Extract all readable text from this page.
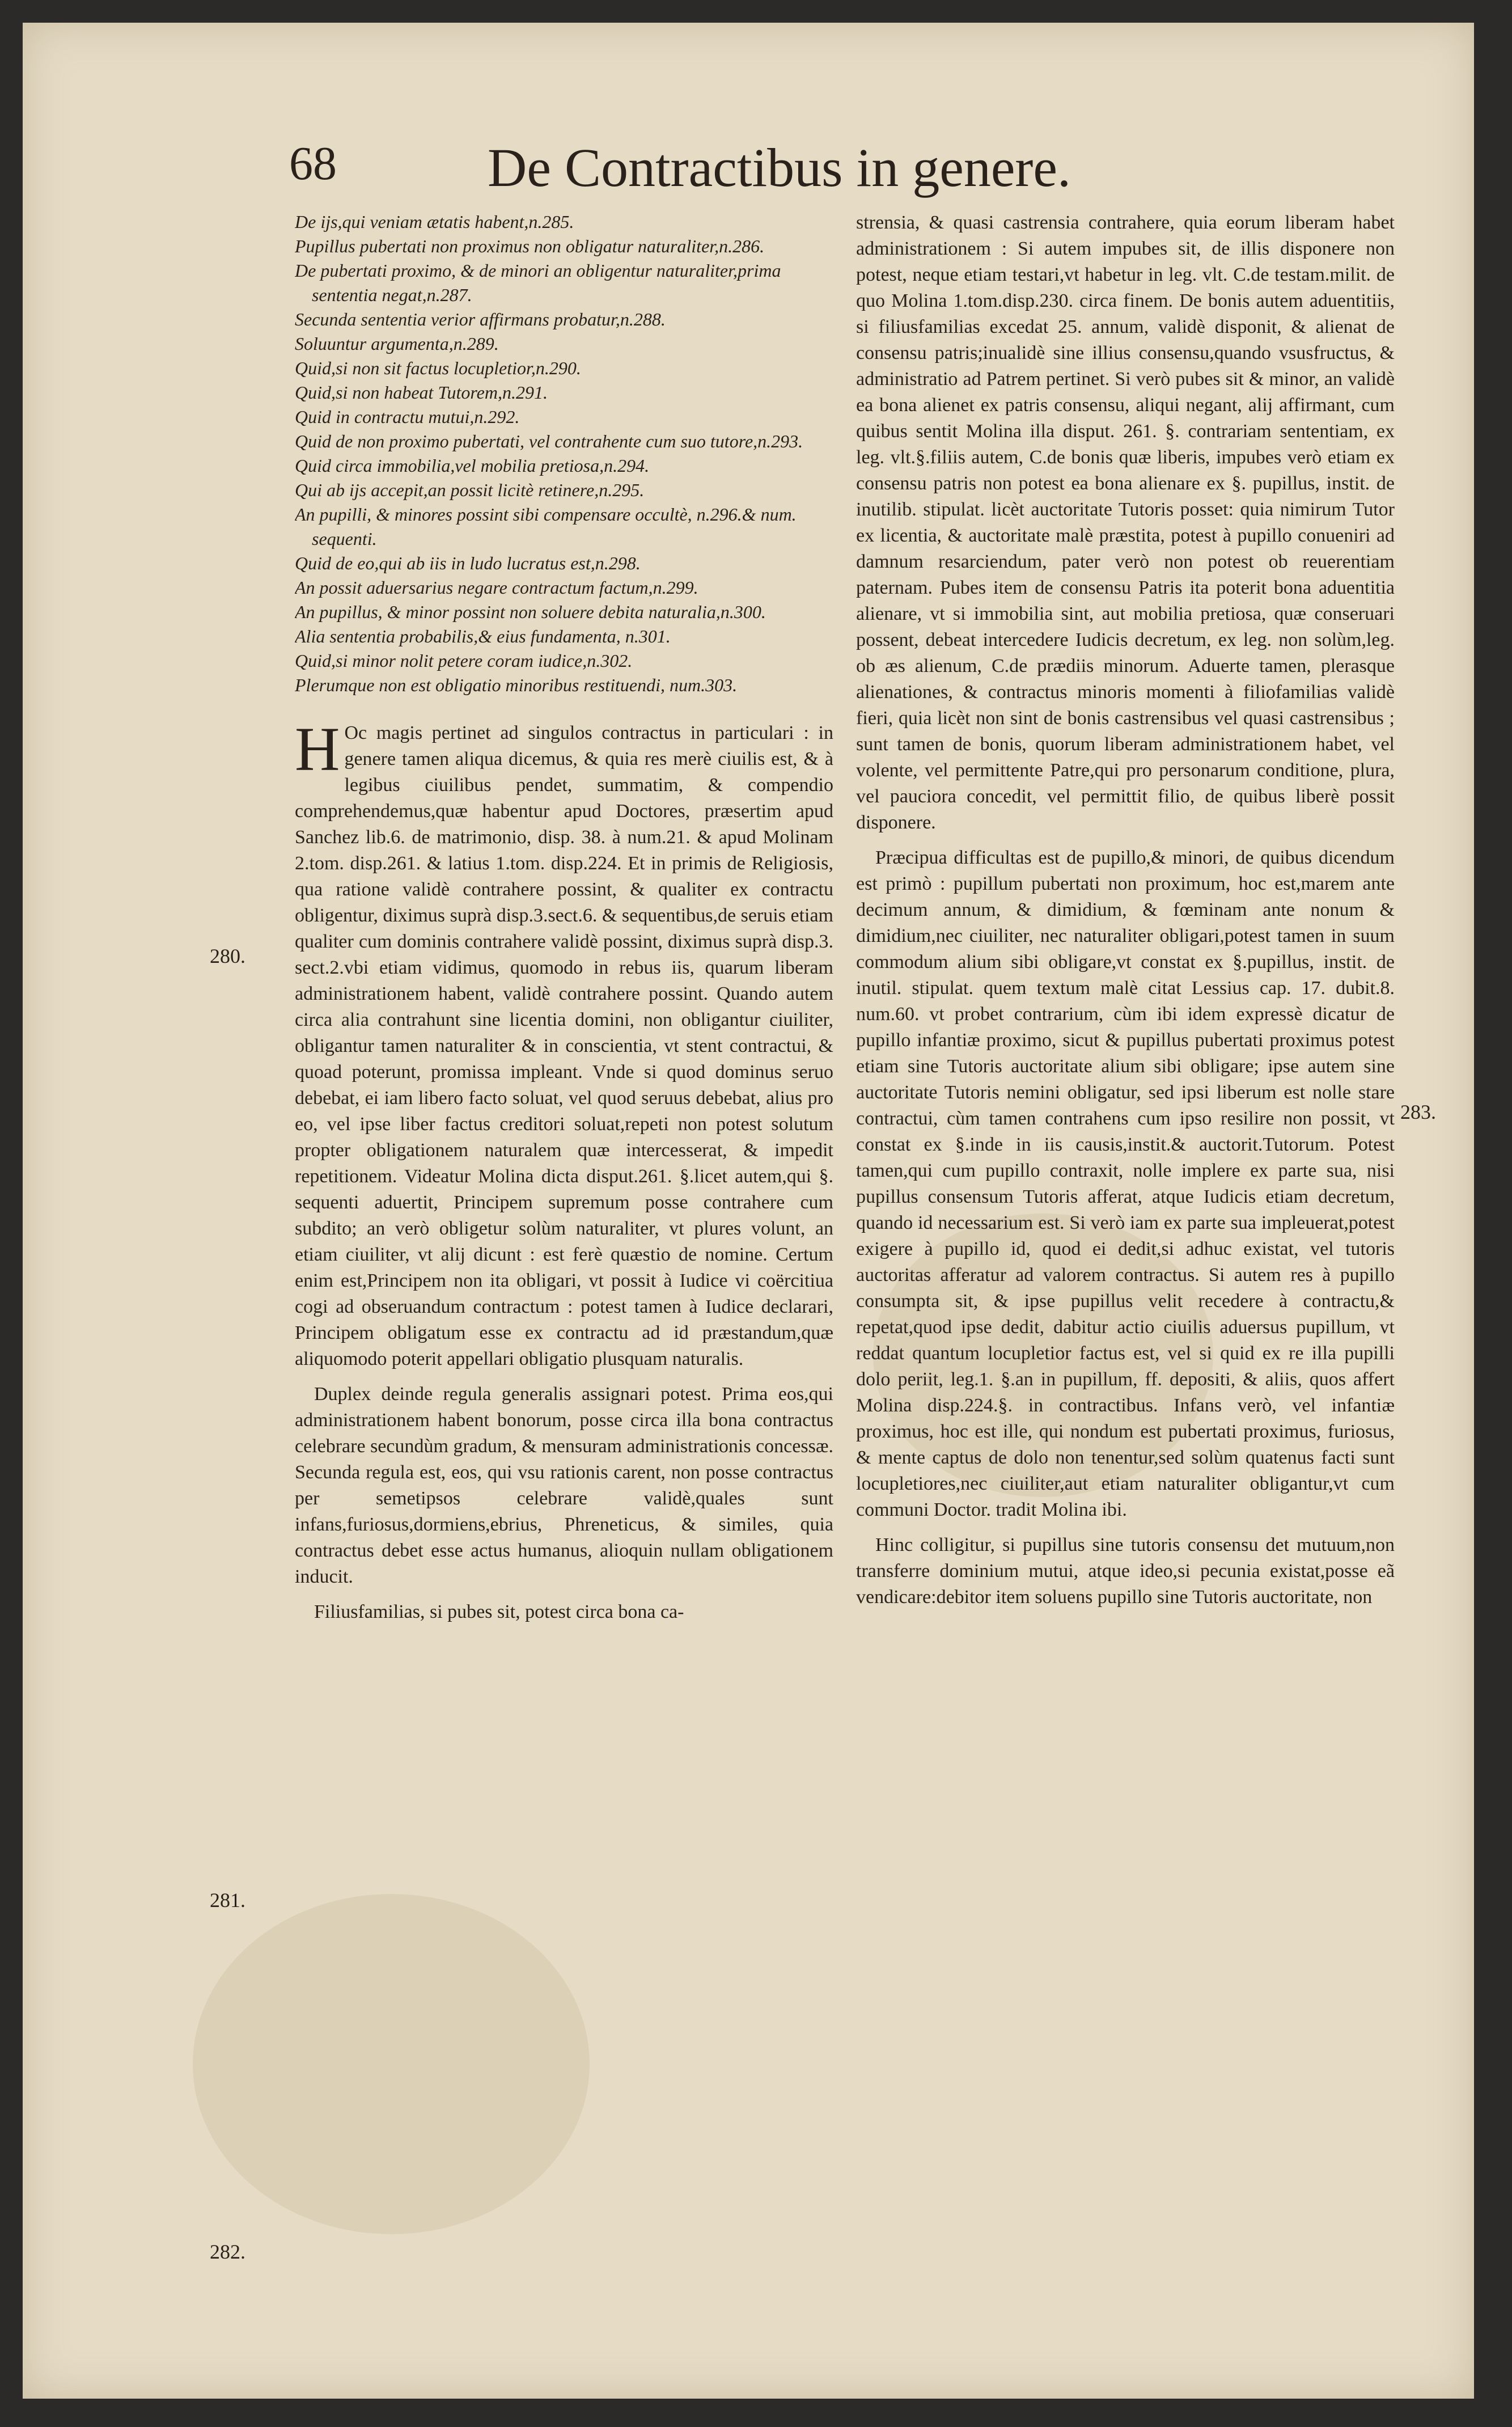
68	De Contractibus in genere.
De ijs,qui veniam ætatis habent,n.285.
Pupillus pubertati non proximus non obligatur naturaliter,n.286.
De pubertati proximo, & de minori an obligentur naturaliter,prima sententia negat,n.287.
Secunda sententia verior affirmans probatur,n.288.
Soluuntur argumenta,n.289.
Quid,si non sit factus locupletior,n.290.
Quid,si non habeat Tutorem,n.291.
Quid in contractu mutui,n.292.
Quid de non proximo pubertati, vel contrahente cum suo tutore,n.293.
Quid circa immobilia,vel mobilia pretiosa,n.294.
Qui ab ijs accepit,an possit licitè retinere,n.295.
An pupilli, & minores possint sibi compensare occultè, n.296.& num. sequenti.
Quid de eo,qui ab iis in ludo lucratus est,n.298.
An possit aduersarius negare contractum factum,n.299.
An pupillus, & minor possint non soluere debita naturalia,n.300.
Alia sententia probabilis,& eius fundamenta, n.301.
Quid,si minor nolit petere coram iudice,n.302.
Plerumque non est obligatio minoribus restituendi, num.303.

H Oc magis pertinet ad singulos contractus in particulari : in genere tamen aliqua dicemus, & quia res merè ciuilis est, & à legibus ciuilibus pendet, summatim, & compendio comprehendemus,quæ habentur apud Doctores, præsertim apud Sanchez lib.6. de matrimonio, disp. 38. à num.21. & apud Molinam 2.tom. disp.261. & latius 1.tom. disp.224. Et in primis de Religiosis, qua ratione validè contrahere possint, & qualiter ex contractu obligentur, diximus suprà disp.3.sect.6. & sequentibus,de seruis etiam qualiter cum dominis contrahere validè possint, diximus suprà disp.3. sect.2.vbi etiam vidimus, quomodo in rebus iis, quarum liberam administrationem habent, validè contrahere possint. Quando autem circa alia contrahunt sine licentia domini, non obligantur ciuiliter, obligantur tamen naturaliter & in conscientia, vt stent contractui, & quoad poterunt, promissa impleant. Vnde si quod dominus seruo debebat, ei iam libero facto soluat, vel quod seruus debebat, alius pro eo, vel ipse liber factus creditori soluat,repeti non potest solutum propter obligationem naturalem quæ intercesserat, & impedit repetitionem. Videatur Molina dicta disput.261. §.licet autem,qui §. sequenti aduertit, Principem supremum posse contrahere cum subdito; an verò obligetur solùm naturaliter, vt plures volunt, an etiam ciuiliter, vt alij dicunt : est ferè quæstio de nomine. Certum enim est,Principem non ita obligari, vt possit à Iudice vi coërcitiua cogi ad obseruandum contractum : potest tamen à Iudice declarari, Principem obligatum esse ex contractu ad id præstandum,quæ aliquomodo poterit appellari obligatio plusquam naturalis.

Duplex deinde regula generalis assignari potest. Prima eos,qui administrationem habent bonorum, posse circa illa bona contractus celebrare secundùm gradum, & mensuram administrationis concessæ. Secunda regula est, eos, qui vsu rationis carent, non posse contractus per semetipsos celebrare validè,quales sunt infans,furiosus,dormiens,ebrius, Phreneticus, & similes, quia contractus debet esse actus humanus, alioquin nullam obligationem inducit.

Filiusfamilias, si pubes sit, potest circa bona ca-

strensia, & quasi castrensia contrahere, quia eorum liberam habet administrationem : Si autem impubes sit, de illis disponere non potest, neque etiam testari,vt habetur in leg. vlt. C.de testam.milit. de quo Molina 1.tom.disp.230. circa finem. De bonis autem aduentitiis, si filiusfamilias excedat 25. annum, validè disponit, & alienat de consensu patris;inualidè sine illius consensu,quando vsusfructus, & administratio ad Patrem pertinet. Si verò pubes sit & minor, an validè ea bona alienet ex patris consensu, aliqui negant, alij affirmant, cum quibus sentit Molina illa disput. 261. §. contrariam sententiam, ex leg. vlt.§.filiis autem, C.de bonis quæ liberis, impubes verò etiam ex consensu patris non potest ea bona alienare ex §. pupillus, instit. de inutilib. stipulat. licèt auctoritate Tutoris posset: quia nimirum Tutor ex licentia, & auctoritate malè præstita, potest à pupillo conueniri ad damnum resarciendum, pater verò non potest ob reuerentiam paternam. Pubes item de consensu Patris ita poterit bona aduentitia alienare, vt si immobilia sint, aut mobilia pretiosa, quæ conseruari possent, debeat intercedere Iudicis decretum, ex leg. non solùm,leg. ob æs alienum, C.de prædiis minorum. Aduerte tamen, plerasque alienationes, & contractus minoris momenti à filiofamilias validè fieri, quia licèt non sint de bonis castrensibus vel quasi castrensibus ; sunt tamen de bonis, quorum liberam administrationem habet, vel volente, vel permittente Patre,qui pro personarum conditione, plura, vel pauciora concedit, vel permittit filio, de quibus liberè possit disponere.

Præcipua difficultas est de pupillo,& minori, de quibus dicendum est primò : pupillum pubertati non proximum, hoc est,marem ante decimum annum, & dimidium, & fœminam ante nonum & dimidium,nec ciuiliter, nec naturaliter obligari,potest tamen in suum commodum alium sibi obligare,vt constat ex §.pupillus, instit. de inutil. stipulat. quem textum malè citat Lessius cap. 17. dubit.8. num.60. vt probet contrarium, cùm ibi idem expressè dicatur de pupillo infantiæ proximo, sicut & pupillus pubertati proximus potest etiam sine Tutoris auctoritate alium sibi obligare; ipse autem sine auctoritate Tutoris nemini obligatur, sed ipsi liberum est nolle stare contractui, cùm tamen contrahens cum ipso resilire non possit, vt constat ex §.inde in iis causis,instit.& auctorit.Tutorum. Potest tamen,qui cum pupillo contraxit, nolle implere ex parte sua, nisi pupillus consensum Tutoris afferat, atque Iudicis etiam decretum, quando id necessarium est. Si verò iam ex parte sua impleuerat,potest exigere à pupillo id, quod ei dedit,si adhuc existat, vel tutoris auctoritas afferatur ad valorem contractus. Si autem res à pupillo consumpta sit, & ipse pupillus velit recedere à contractu,& repetat,quod ipse dedit, dabitur actio ciuilis aduersus pupillum, vt reddat quantum locupletior factus est, vel si quid ex re illa pupilli dolo periit, leg.1. §.an in pupillum, ff. depositi, & aliis, quos affert Molina disp.224.§. in contractibus. Infans verò, vel infantiæ proximus, hoc est ille, qui nondum est pubertati proximus, furiosus, & mente captus de dolo non tenentur,sed solùm quatenus facti sunt locupletiores,nec ciuiliter,aut etiam naturaliter obligantur,vt cum communi Doctor. tradit Molina ibi.

Hinc colligitur, si pupillus sine tutoris consensu det mutuum,non transferre dominium mutui, atque ideo,si pecunia existat,posse eã vendicare:debitor item soluens pupillo sine Tutoris auctoritate, non

280.
281.
282.
283.
